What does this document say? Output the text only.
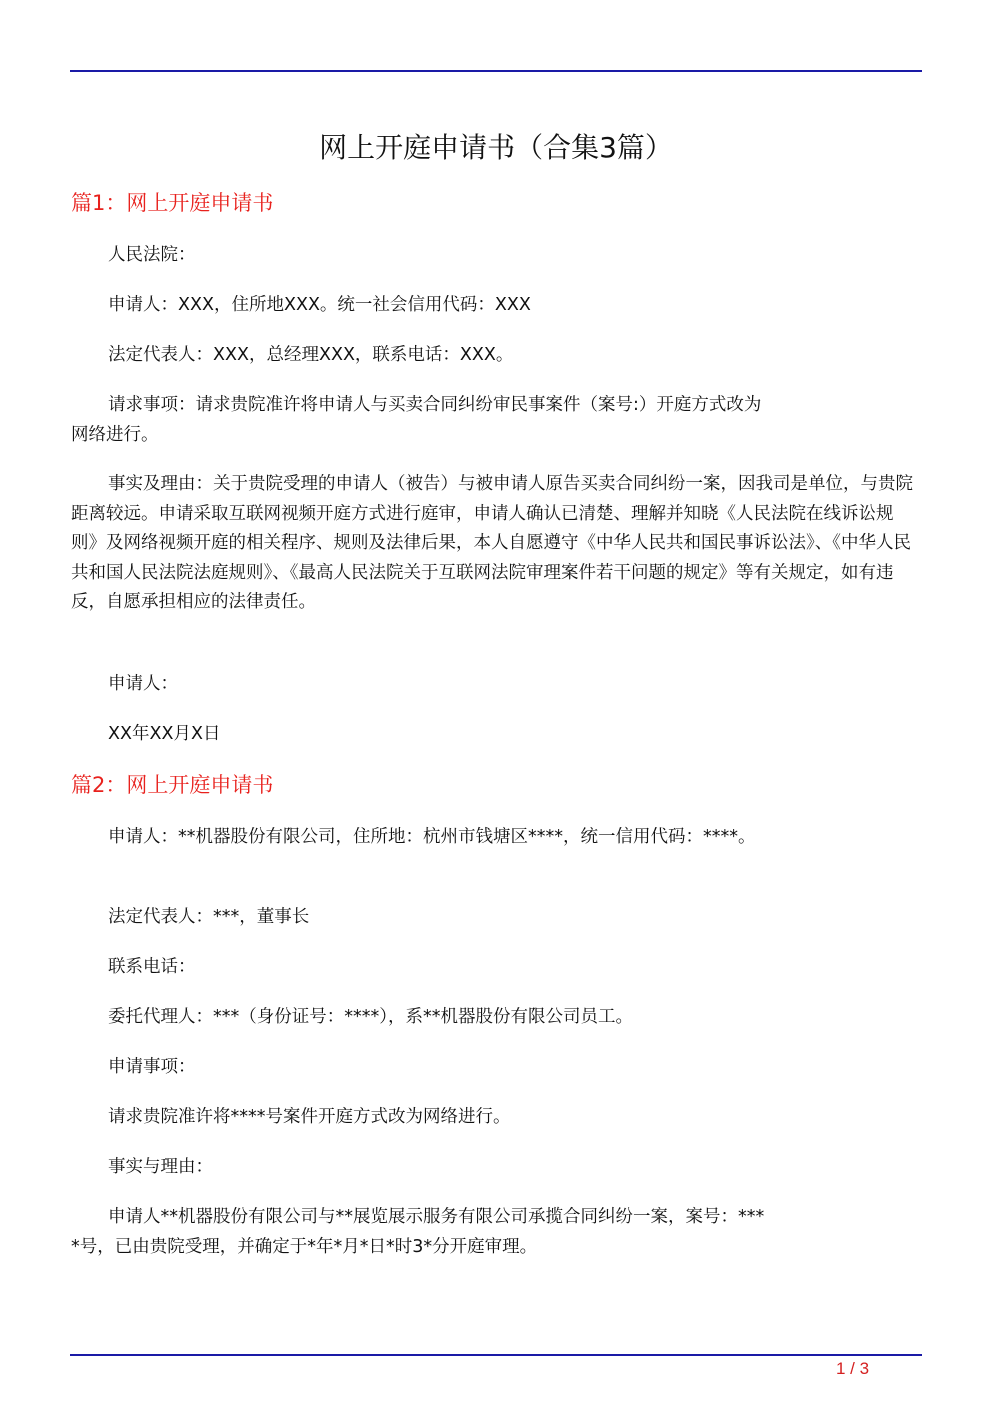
网上开庭申请书（合集3篇）
篇1：网上开庭申请书
人民法院：
申请人：XXX，住所地XXX。统一社会信用代码：XXX
法定代表人：XXX，总经理XXX，联系电话：XXX。
请求事项：请求贵院准许将申请人与买卖合同纠纷审民事案件（案号:）开庭方式改为网络进行。
事实及理由：关于贵院受理的申请人（被告）与被申请人原告买卖合同纠纷一案，因我司是单位，与贵院距离较远。申请采取互联网视频开庭方式进行庭审，申请人确认已清楚、理解并知晓《人民法院在线诉讼规则》及网络视频开庭的相关程序、规则及法律后果，本人自愿遵守《中华人民共和国民事诉讼法》、《中华人民共和国人民法院法庭规则》、《最高人民法院关于互联网法院审理案件若干问题的规定》等有关规定，如有违反，自愿承担相应的法律责任。
申请人：
XX年XX月X日
篇2：网上开庭申请书
申请人：**机器股份有限公司，住所地：杭州市钱塘区****，统一信用代码：****。
法定代表人：***，董事长
联系电话：
委托代理人：***（身份证号：****），系**机器股份有限公司员工。
申请事项：
请求贵院准许将****号案件开庭方式改为网络进行。
事实与理由：
申请人**机器股份有限公司与**展览展示服务有限公司承揽合同纠纷一案，案号：****号，已由贵院受理，并确定于*年*月*日*时3*分开庭审理。
1 / 3
